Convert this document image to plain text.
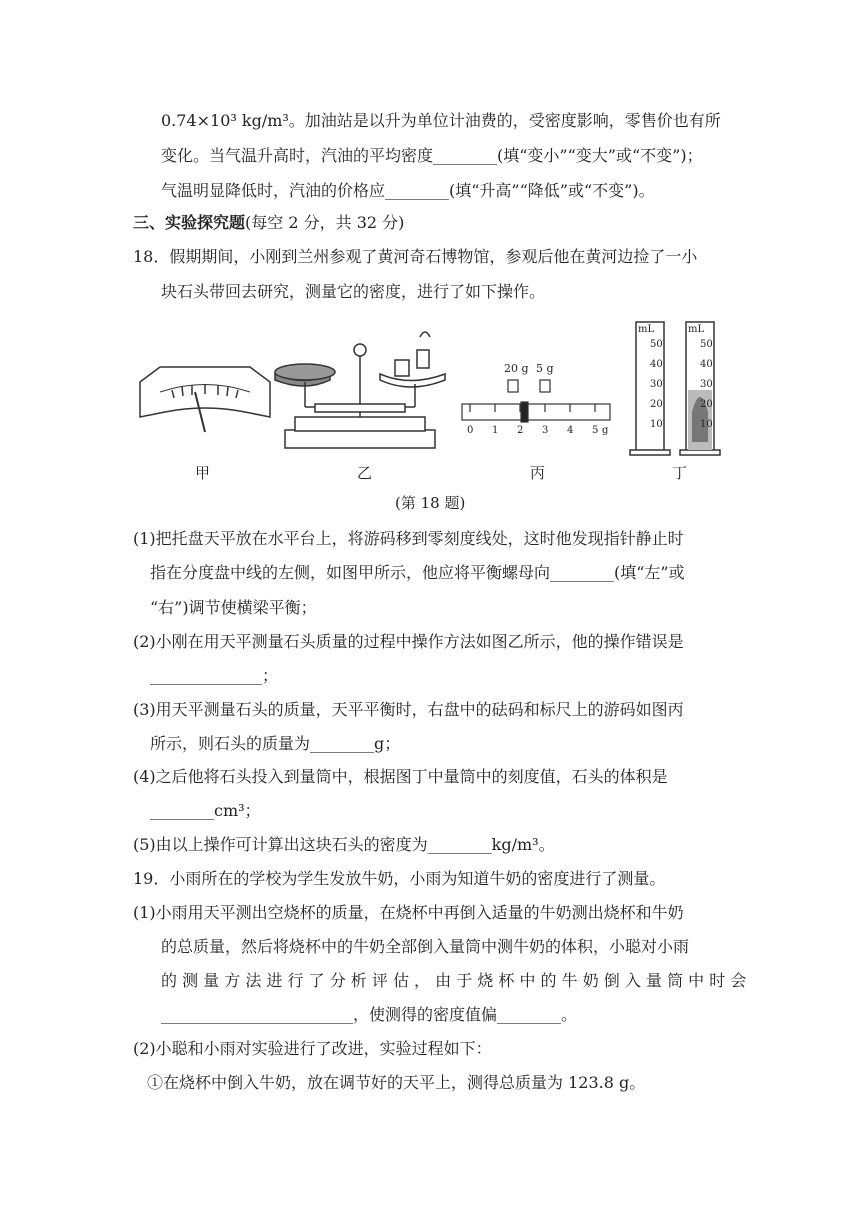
0.74×10³ kg/m³。加油站是以升为单位计油费的，受密度影响，零售价也有所
变化。当气温升高时，汽油的平均密度________(填“变小”“变大”或“不变”)；
气温明显降低时，汽油的价格应________(填“升高”“降低”或“不变”)。
三、实验探究题(每空 2 分，共 32 分)
18．假期期间，小刚到兰州参观了黄河奇石博物馆，参观后他在黄河边捡了一小
块石头带回去研究，测量它的密度，进行了如下操作。
20 g 5 g
0 1 2 3 4 5 g
mL
50
40
30
20
10
mL
50
40
30
20
10
甲	乙	丙	丁
(第 18 题)
(1)把托盘天平放在水平台上，将游码移到零刻度线处，这时他发现指针静止时
指在分度盘中线的左侧，如图甲所示，他应将平衡螺母向________(填“左”或
“右”)调节使横梁平衡；
(2)小刚在用天平测量石头质量的过程中操作方法如图乙所示，他的操作错误是
______________；
(3)用天平测量石头的质量，天平平衡时，右盘中的砝码和标尺上的游码如图丙
所示，则石头的质量为________g；
(4)之后他将石头投入到量筒中，根据图丁中量筒中的刻度值，石头的体积是
________cm³；
(5)由以上操作可计算出这块石头的密度为________kg/m³。
19．小雨所在的学校为学生发放牛奶，小雨为知道牛奶的密度进行了测量。
(1)小雨用天平测出空烧杯的质量，在烧杯中再倒入适量的牛奶测出烧杯和牛奶
的总质量，然后将烧杯中的牛奶全部倒入量筒中测牛奶的体积，小聪对小雨
的 测 量 方 法 进 行 了 分 析 评 估 ， 由 于 烧 杯 中 的 牛 奶 倒 入 量 筒 中 时 会
________________________，使测得的密度值偏________。
(2)小聪和小雨对实验进行了改进，实验过程如下：
①在烧杯中倒入牛奶，放在调节好的天平上，测得总质量为 123.8 g。
